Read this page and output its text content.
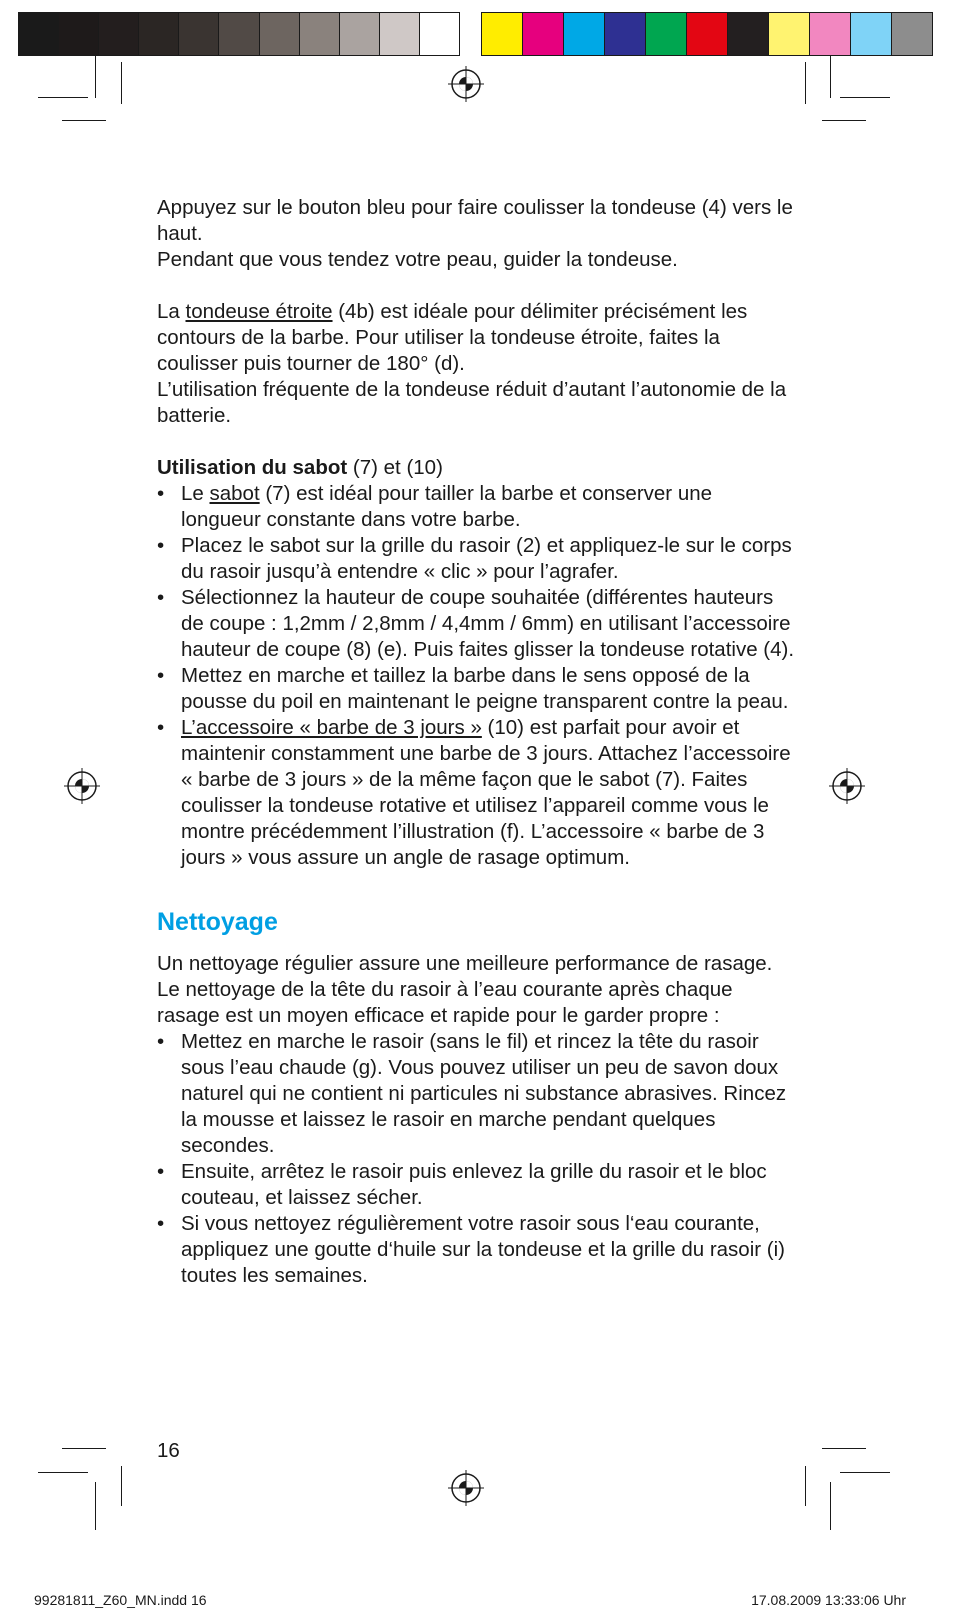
Appuyez sur le bouton bleu pour faire coulisser la tondeuse (4) vers le haut.

Pendant que vous tendez votre peau, guider la tondeuse.

La tondeuse étroite (4b) est idéale pour délimiter précisément les contours de la barbe. Pour utiliser la tondeuse étroite, faites la coulisser puis tourner de 180° (d).

L’utilisation fréquente de la tondeuse réduit d’autant l’autonomie de la batterie.

Utilisation du sabot (7) et (10)

• Le sabot (7) est idéal pour tailler la barbe et conserver une longueur constante dans votre barbe.
• Placez le sabot sur la grille du rasoir (2) et appliquez-le sur le corps du rasoir jusqu’à entendre « clic » pour l’agrafer.
• Sélectionnez la hauteur de coupe souhaitée (différentes hauteurs de coupe : 1,2mm / 2,8mm / 4,4mm / 6mm) en utilisant l’accessoire hauteur de coupe (8) (e). Puis faites glisser la tondeuse rotative (4).
• Mettez en marche et taillez la barbe dans le sens opposé de la pousse du poil en maintenant le peigne transparent contre la peau.
• L’accessoire « barbe de 3 jours » (10) est parfait pour avoir et maintenir constamment une barbe de 3 jours. Attachez l’accessoire « barbe de 3 jours » de la même façon que le sabot (7). Faites coulisser la tondeuse rotative et utilisez l’appareil comme vous le montre précédemment l’illustration (f). L’accessoire « barbe de 3 jours » vous assure un angle de rasage optimum.
Nettoyage

Un nettoyage régulier assure une meilleure performance de rasage. Le nettoyage de la tête du rasoir à l’eau courante après chaque rasage est un moyen efficace et rapide pour le garder propre :

• Mettez en marche le rasoir (sans le fil) et rincez la tête du rasoir sous l’eau chaude (g). Vous pouvez utiliser un peu de savon doux naturel qui ne contient ni particules ni substance abrasives. Rincez la mousse et laissez le rasoir en marche pendant quelques secondes.
• Ensuite, arrêtez le rasoir puis enlevez la grille du rasoir et le bloc couteau, et laissez sécher.
• Si vous nettoyez régulièrement votre rasoir sous l‘eau courante, appliquez une goutte d‘huile sur la tondeuse et la grille du rasoir (i) toutes les semaines.
16
99281811_Z60_MN.indd 16	17.08.2009 13:33:06 Uhr
